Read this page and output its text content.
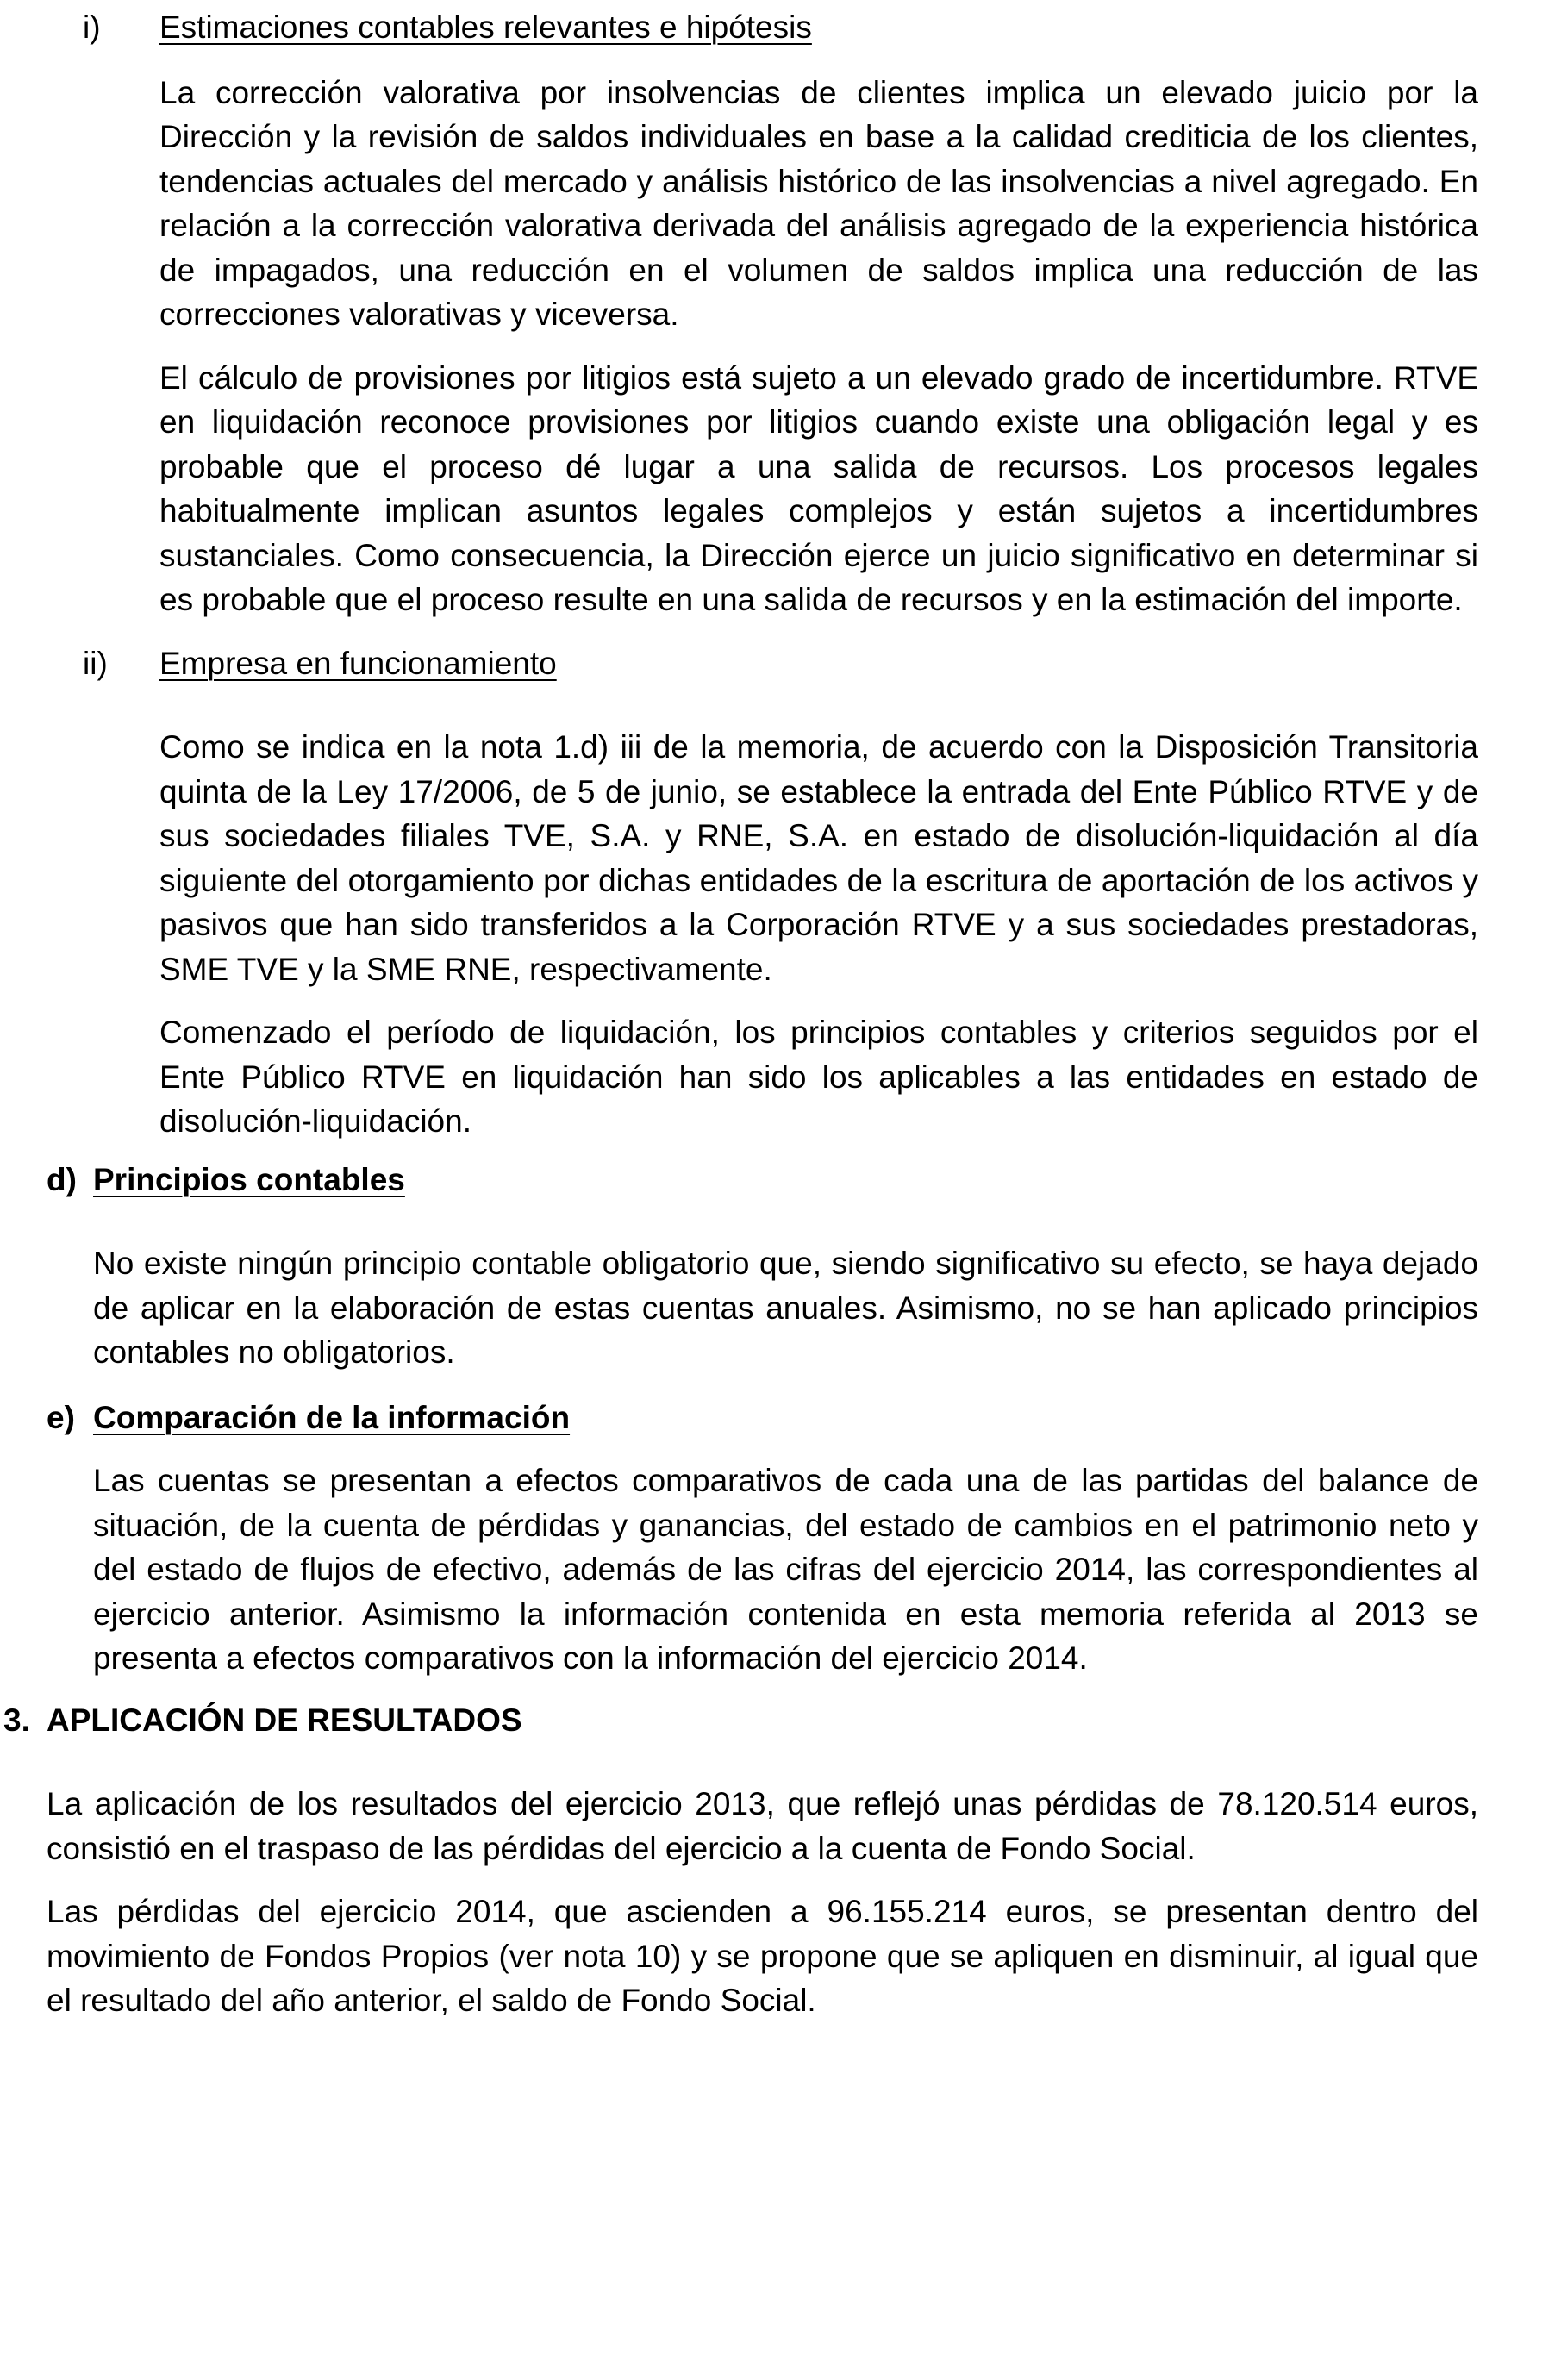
i) Estimaciones contables relevantes e hipótesis

La corrección valorativa por insolvencias de clientes implica un elevado juicio por la Dirección y la revisión de saldos individuales en base a la calidad crediticia de los clientes, tendencias actuales del mercado y análisis histórico de las insolvencias a nivel agregado. En relación a la corrección valorativa derivada del análisis agregado de la experiencia histórica de impagados, una reducción en el volumen de saldos implica una reducción de las correcciones valorativas y viceversa.

El cálculo de provisiones por litigios está sujeto a un elevado grado de incertidumbre. RTVE en liquidación reconoce provisiones por litigios cuando existe una obligación legal y es probable que el proceso dé lugar a una salida de recursos. Los procesos legales habitualmente implican asuntos legales complejos y están sujetos a incertidumbres sustanciales. Como consecuencia, la Dirección ejerce un juicio significativo en determinar si es probable que el proceso resulte en una salida de recursos y en la estimación del importe.

ii) Empresa en funcionamiento

Como se indica en la nota 1.d) iii de la memoria, de acuerdo con la Disposición Transitoria quinta de la Ley 17/2006, de 5 de junio, se establece la entrada del Ente Público RTVE y de sus sociedades filiales TVE, S.A. y RNE, S.A. en estado de disolución-liquidación al día siguiente del otorgamiento por dichas entidades de la escritura de aportación de los activos y pasivos que han sido transferidos a la Corporación RTVE y a sus sociedades prestadoras, SME TVE y la SME RNE, respectivamente.

Comenzado el período de liquidación, los principios contables y criterios seguidos por el Ente Público RTVE en liquidación han sido los aplicables a las entidades en estado de disolución-liquidación.

d) Principios contables

No existe ningún principio contable obligatorio que, siendo significativo su efecto, se haya dejado de aplicar en la elaboración de estas cuentas anuales. Asimismo, no se han aplicado principios contables no obligatorios.

e) Comparación de la información

Las cuentas se presentan a efectos comparativos de cada una de las partidas del balance de situación, de la cuenta de pérdidas y ganancias, del estado de cambios en el patrimonio neto y del estado de flujos de efectivo, además de las cifras del ejercicio 2014, las correspondientes al ejercicio anterior. Asimismo la información contenida en esta memoria referida al 2013 se presenta a efectos comparativos con la información del ejercicio 2014.

3. APLICACIÓN DE RESULTADOS

La aplicación de los resultados del ejercicio 2013, que reflejó unas pérdidas de 78.120.514 euros, consistió en el traspaso de las pérdidas del ejercicio a la cuenta de Fondo Social.

Las pérdidas del ejercicio 2014, que ascienden a 96.155.214 euros, se presentan dentro del movimiento de Fondos Propios (ver nota 10) y se propone que se apliquen en disminuir, al igual que el resultado del año anterior, el saldo de Fondo Social.
